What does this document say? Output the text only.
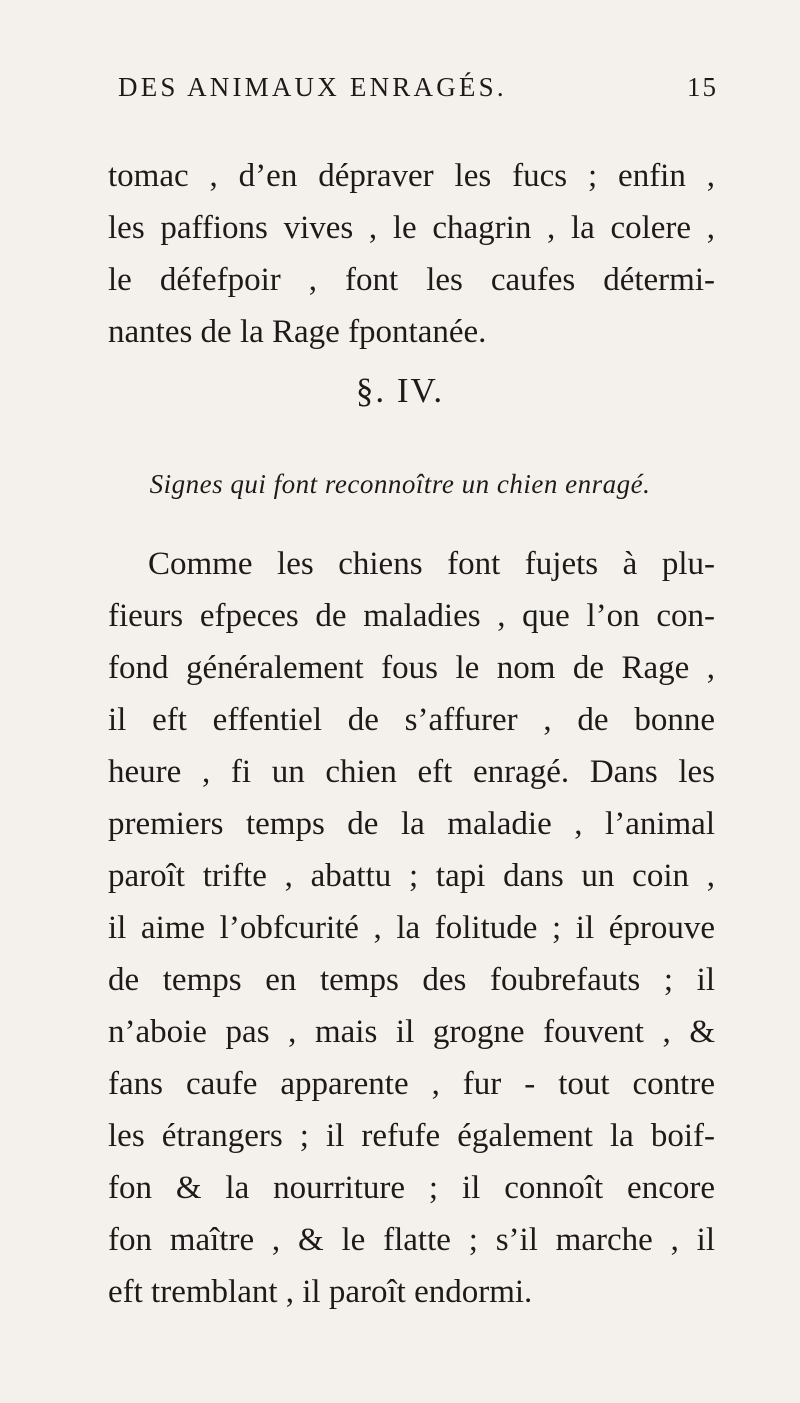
DES ANIMAUX ENRAGÉS.	15
tomac , d’en dépraver les fucs ; enfin ,
les paffions vives , le chagrin , la colere ,
le défefpoir , font les caufes détermi-
nantes de la Rage fpontanée.
§. IV.
Signes qui font reconnoître un chien enragé.
Comme les chiens font fujets à plu-
fieurs efpeces de maladies , que l’on con-
fond généralement fous le nom de Rage ,
il eft effentiel de s’affurer , de bonne
heure , fi un chien eft enragé. Dans les
premiers temps de la maladie , l’animal
paroît trifte , abattu ; tapi dans un coin ,
il aime l’obfcurité , la folitude ; il éprouve
de temps en temps des foubrefauts ; il
n’aboie pas , mais il grogne fouvent , &
fans caufe apparente , fur - tout contre
les étrangers ; il refufe également la boif-
fon & la nourriture ; il connoît encore
fon maître , & le flatte ; s’il marche , il
eft tremblant , il paroît endormi.
